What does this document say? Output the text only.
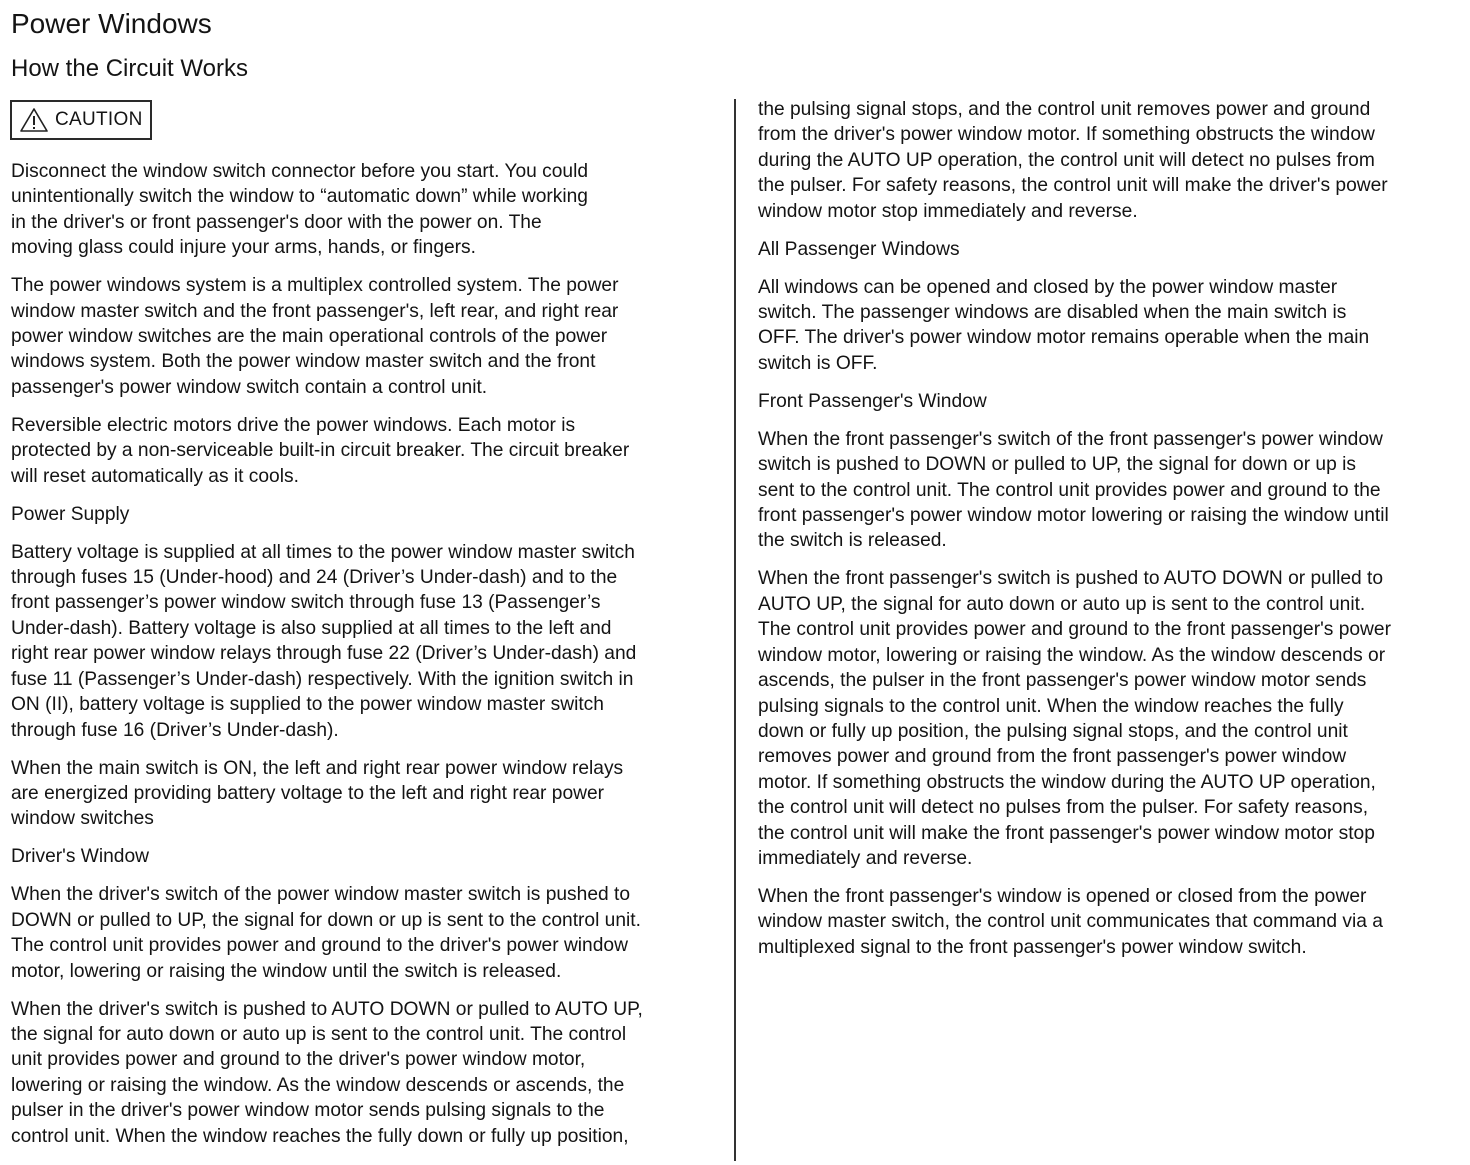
Power Windows
How the Circuit Works
CAUTION

Disconnect the window switch connector before you start. You could
unintentionally switch the window to “automatic down” while working
in the driver's or front passenger's door with the power on. The
moving glass could injure your arms, hands, or fingers.

The power windows system is a multiplex controlled system. The power
window master switch and the front passenger's, left rear, and right rear
power window switches are the main operational controls of the power
windows system. Both the power window master switch and the front
passenger's power window switch contain a control unit.

Reversible electric motors drive the power windows. Each motor is
protected by a non-serviceable built-in circuit breaker. The circuit breaker
will reset automatically as it cools.

Power Supply

Battery voltage is supplied at all times to the power window master switch
through fuses 15 (Under-hood) and 24 (Driver’s Under-dash) and to the
front passenger’s power window switch through fuse 13 (Passenger’s
Under-dash). Battery voltage is also supplied at all times to the left and
right rear power window relays through fuse 22 (Driver’s Under-dash) and
fuse 11 (Passenger’s Under-dash) respectively. With the ignition switch in
ON (II), battery voltage is supplied to the power window master switch
through fuse 16 (Driver’s Under-dash).

When the main switch is ON, the left and right rear power window relays
are energized providing battery voltage to the left and right rear power
window switches

Driver's Window

When the driver's switch of the power window master switch is pushed to
DOWN or pulled to UP, the signal for down or up is sent to the control unit.
The control unit provides power and ground to the driver's power window
motor, lowering or raising the window until the switch is released.

When the driver's switch is pushed to AUTO DOWN or pulled to AUTO UP,
the signal for auto down or auto up is sent to the control unit. The control
unit provides power and ground to the driver's power window motor,
lowering or raising the window. As the window descends or ascends, the
pulser in the driver's power window motor sends pulsing signals to the
control unit. When the window reaches the fully down or fully up position,

the pulsing signal stops, and the control unit removes power and ground
from the driver's power window motor. If something obstructs the window
during the AUTO UP operation, the control unit will detect no pulses from
the pulser. For safety reasons, the control unit will make the driver's power
window motor stop immediately and reverse.

All Passenger Windows

All windows can be opened and closed by the power window master
switch. The passenger windows are disabled when the main switch is
OFF. The driver's power window motor remains operable when the main
switch is OFF.

Front Passenger's Window

When the front passenger's switch of the front passenger's power window
switch is pushed to DOWN or pulled to UP, the signal for down or up is
sent to the control unit. The control unit provides power and ground to the
front passenger's power window motor lowering or raising the window until
the switch is released.

When the front passenger's switch is pushed to AUTO DOWN or pulled to
AUTO UP, the signal for auto down or auto up is sent to the control unit.
The control unit provides power and ground to the front passenger's power
window motor, lowering or raising the window. As the window descends or
ascends, the pulser in the front passenger's power window motor sends
pulsing signals to the control unit. When the window reaches the fully
down or fully up position, the pulsing signal stops, and the control unit
removes power and ground from the front passenger's power window
motor. If something obstructs the window during the AUTO UP operation,
the control unit will detect no pulses from the pulser. For safety reasons,
the control unit will make the front passenger's power window motor stop
immediately and reverse.

When the front passenger's window is opened or closed from the power
window master switch, the control unit communicates that command via a
multiplexed signal to the front passenger's power window switch.
